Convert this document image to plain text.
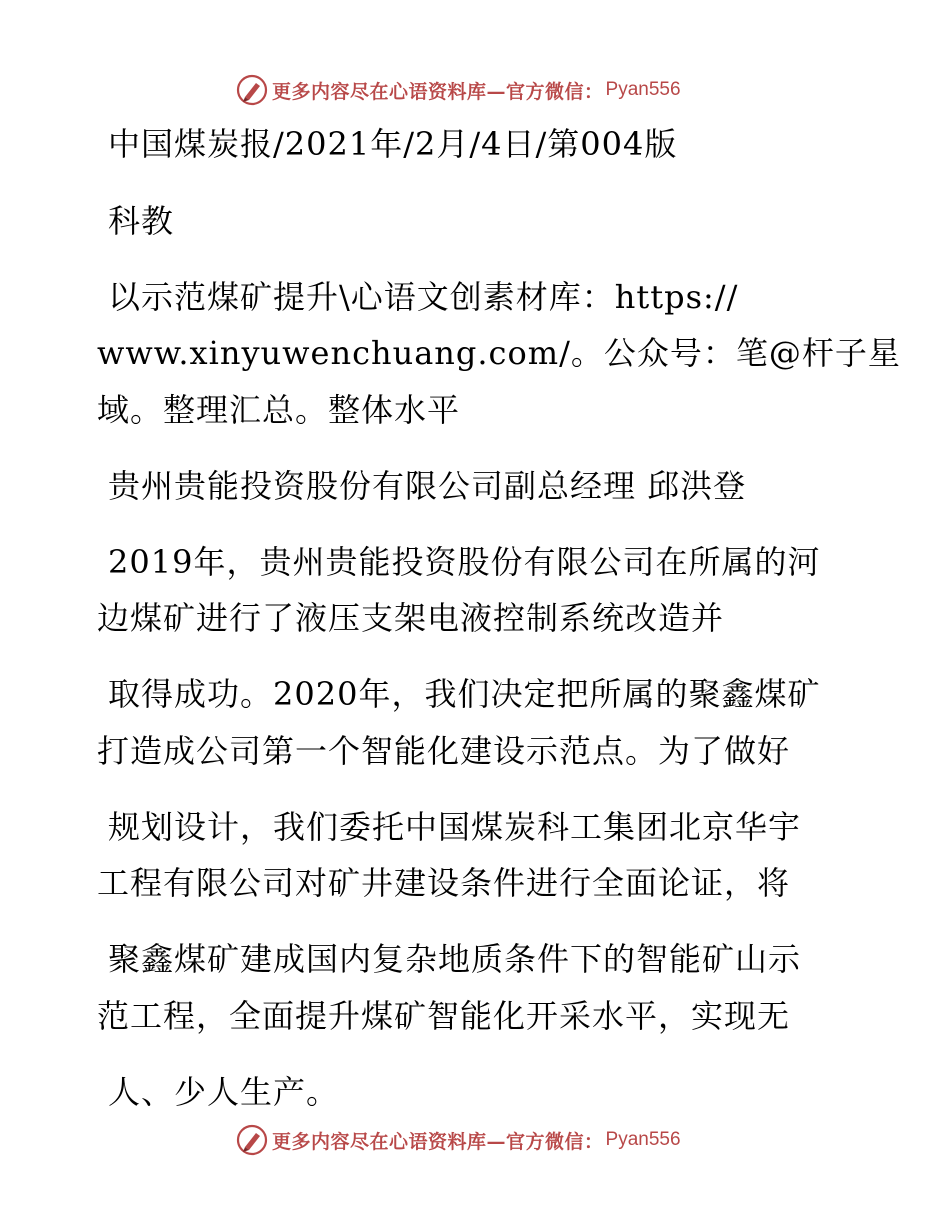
更多内容尽在心语资料库—官方微信： Pyan556
中国煤炭报/2021年/2月/4日/第004版
科教
以示范煤矿提升\心语文创素材库：https://
www.xinyuwenchuang.com/。公众号：笔@杆子星
域。整理汇总。整体水平
贵州贵能投资股份有限公司副总经理 邱洪登
2019年，贵州贵能投资股份有限公司在所属的河
边煤矿进行了液压支架电液控制系统改造并
取得成功。2020年，我们决定把所属的聚鑫煤矿
打造成公司第一个智能化建设示范点。为了做好
规划设计，我们委托中国煤炭科工集团北京华宇
工程有限公司对矿井建设条件进行全面论证，将
聚鑫煤矿建成国内复杂地质条件下的智能矿山示
范工程，全面提升煤矿智能化开采水平，实现无
人、少人生产。
更多内容尽在心语资料库—官方微信： Pyan556
